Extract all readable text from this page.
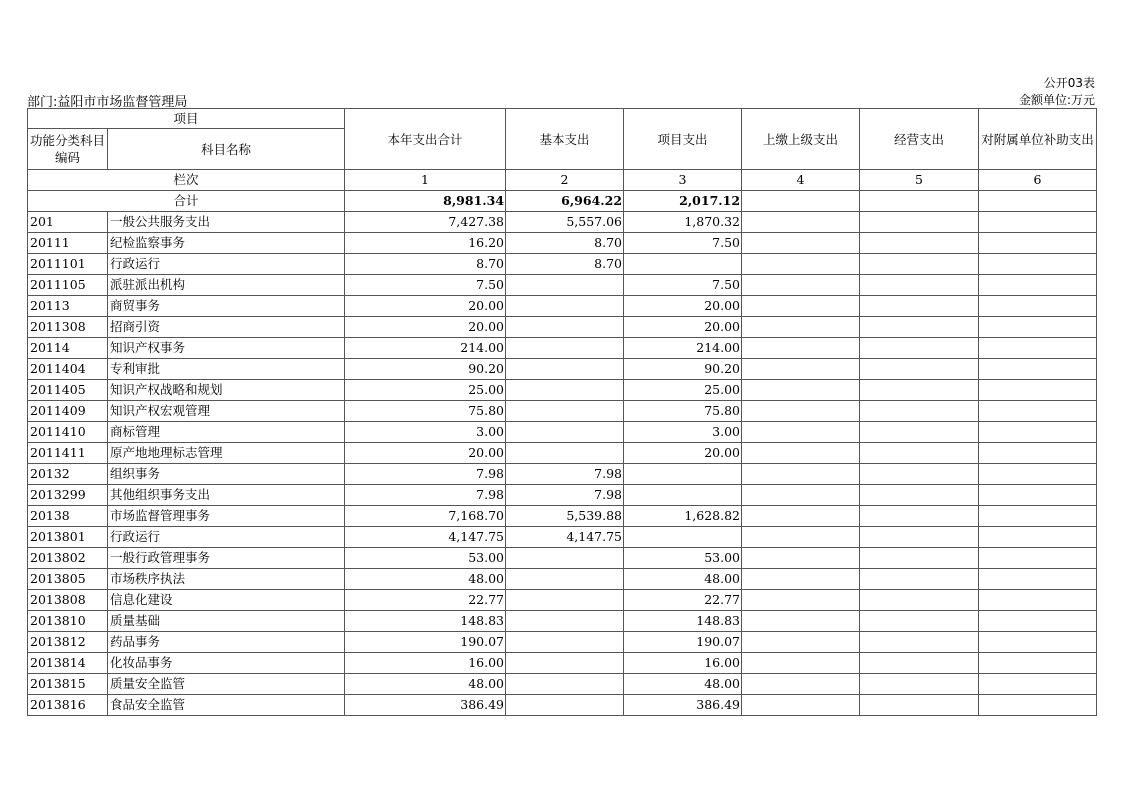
公开03表
部门:益阳市市场监督管理局	金额单位:万元
项目		本年支出合计	基本支出	项目支出	上缴上级支出	经营支出	对附属单位补助支出
功能分类科目编码	科目名称						
栏次		1	2	3	4	5	6
合计		8,981.34	6,964.22	2,017.12			
201	一般公共服务支出	7,427.38	5,557.06	1,870.32			
20111	纪检监察事务	16.20	8.70	7.50			
2011101	行政运行	8.70	8.70				
2011105	派驻派出机构	7.50		7.50			
20113	商贸事务	20.00		20.00			
2011308	招商引资	20.00		20.00			
20114	知识产权事务	214.00		214.00			
2011404	专利审批	90.20		90.20			
2011405	知识产权战略和规划	25.00		25.00			
2011409	知识产权宏观管理	75.80		75.80			
2011410	商标管理	3.00		3.00			
2011411	原产地地理标志管理	20.00		20.00			
20132	组织事务	7.98	7.98				
2013299	其他组织事务支出	7.98	7.98				
20138	市场监督管理事务	7,168.70	5,539.88	1,628.82			
2013801	行政运行	4,147.75	4,147.75				
2013802	一般行政管理事务	53.00		53.00			
2013805	市场秩序执法	48.00		48.00			
2013808	信息化建设	22.77		22.77			
2013810	质量基础	148.83		148.83			
2013812	药品事务	190.07		190.07			
2013814	化妆品事务	16.00		16.00			
2013815	质量安全监管	48.00		48.00			
2013816	食品安全监管	386.49		386.49			
